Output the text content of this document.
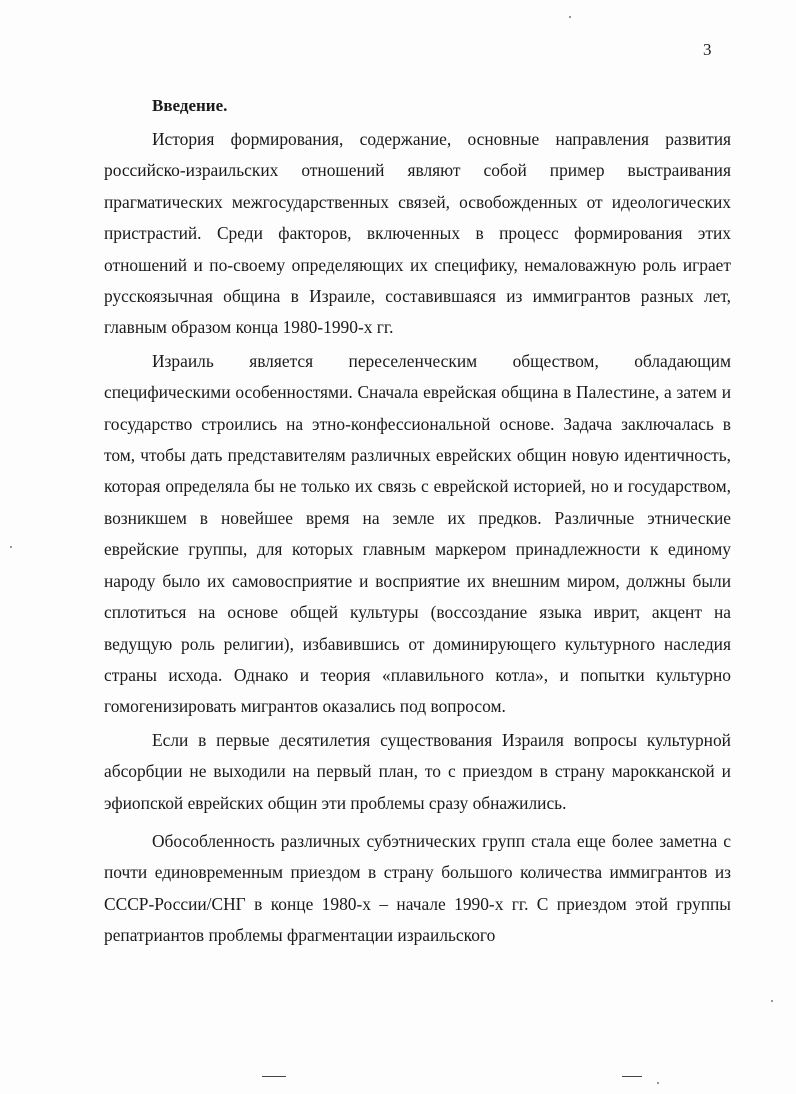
3
Введение.

История формирования, содержание, основные направления развития российско-израильских отношений являют собой пример выстраивания прагматических межгосударственных связей, освобожденных от идеологических пристрастий. Среди факторов, включенных в процесс формирования этих отношений и по-своему определяющих их специфику, немаловажную роль играет русскоязычная община в Израиле, составившаяся из иммигрантов разных лет, главным образом конца 1980-1990-х гг.

Израиль является переселенческим обществом, обладающим специфическими особенностями. Сначала еврейская община в Палестине, а затем и государство строились на этно-конфессиональной основе. Задача заключалась в том, чтобы дать представителям различных еврейских общин новую идентичность, которая определяла бы не только их связь с еврейской историей, но и государством, возникшем в новейшее время на земле их предков. Различные этнические еврейские группы, для которых главным маркером принадлежности к единому народу было их самовосприятие и восприятие их внешним миром, должны были сплотиться на основе общей культуры (воссоздание языка иврит, акцент на ведущую роль религии), избавившись от доминирующего культурного наследия страны исхода. Однако и теория «плавильного котла», и попытки культурно гомогенизировать мигрантов оказались под вопросом.

Если в первые десятилетия существования Израиля вопросы культурной абсорбции не выходили на первый план, то с приездом в страну марокканской и эфиопской еврейских общин эти проблемы сразу обнажились.

Обособленность различных субэтнических групп стала еще более заметна с почти единовременным приездом в страну большого количества иммигрантов из СССР-России/СНГ в конце 1980-х – начале 1990-х гг. С приездом этой группы репатриантов проблемы фрагментации израильского
